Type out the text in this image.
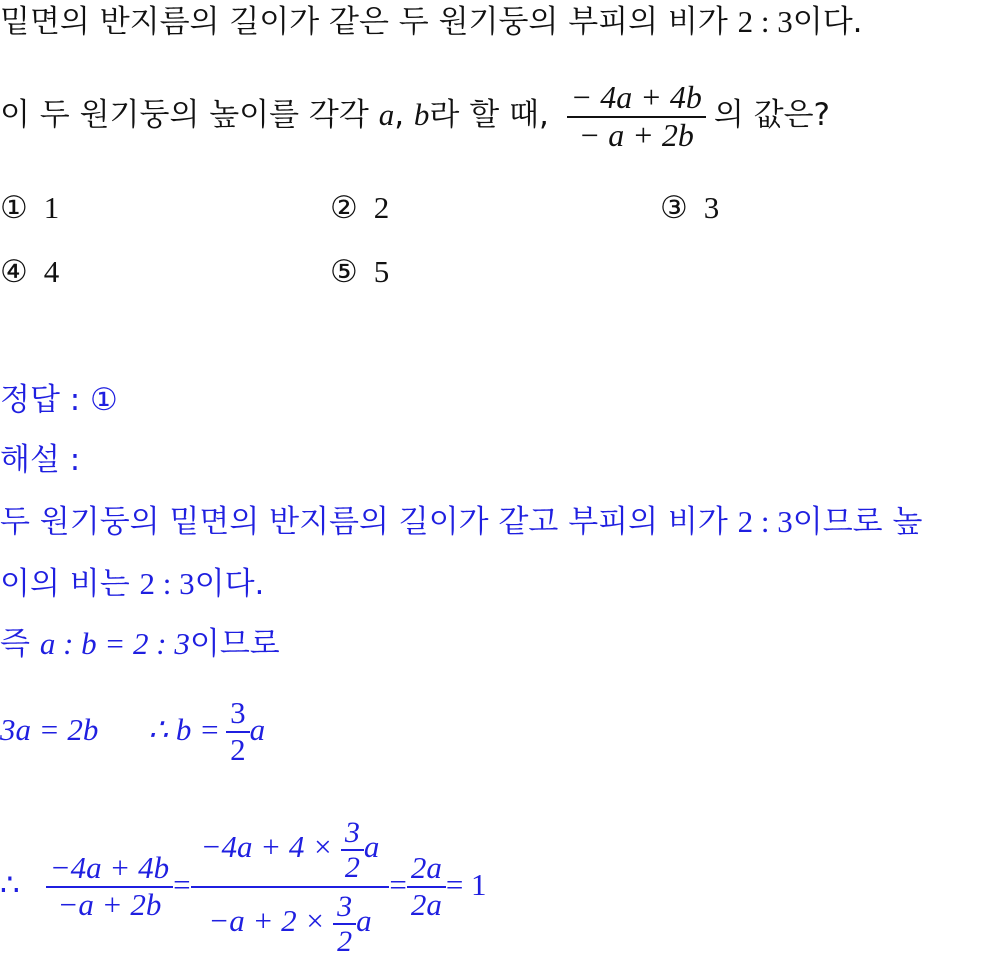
밑면의 반지름의 길이가 같은 두 원기둥의 부피의 비가 2 : 3이다.
이 두 원기둥의 높이를 각각 a, b라 할 때, $\frac{- 4a + 4b}{- a + 2b}$ 의 값은?
① 1	② 2	③ 3
④ 4	⑤ 5
정답 : ①
해설 :
두 원기둥의 밑면의 반지름의 길이가 같고 부피의 비가 2 : 3이므로 높
이의 비는 2 : 3이다.
즉 a : b = 2 : 3이므로
3a = 2b ∴ $b = \frac{3}{2}$ a
∴ $\frac{-4a + 4b}{-a + 2b} = \frac{-4a + 4 \times \frac{3}{2} a}{-a + 2 \times \frac{3}{2} a} = \frac{2a}{2a} = 1$
